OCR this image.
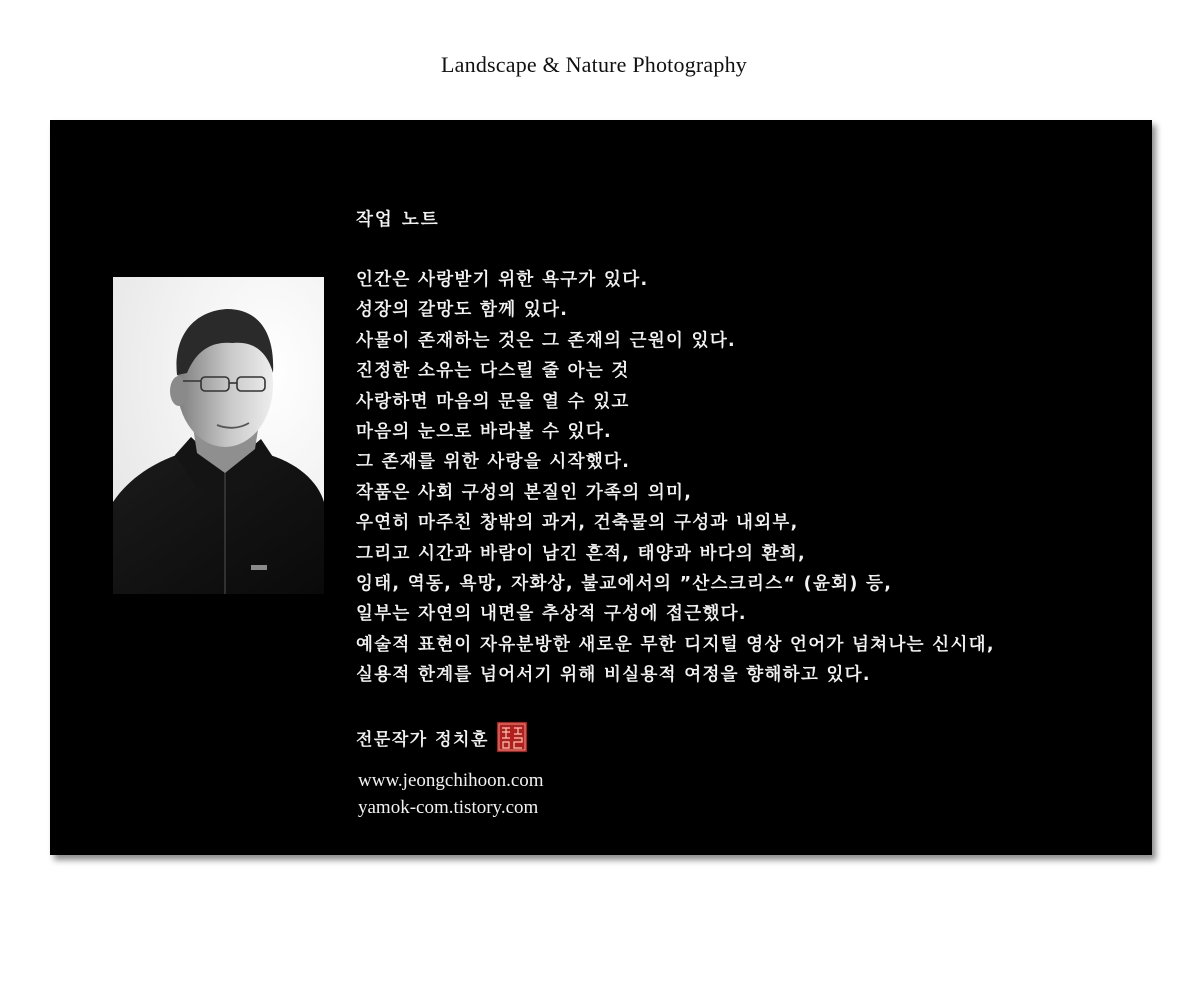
Landscape & Nature Photography
작업 노트
인간은 사랑받기 위한 욕구가 있다.
성장의 갈망도 함께 있다.
사물이 존재하는 것은 그 존재의 근원이 있다.
진정한 소유는 다스릴 줄 아는 것
사랑하면 마음의 문을 열 수 있고
마음의 눈으로 바라볼 수 있다.
그 존재를 위한 사랑을 시작했다.
작품은 사회 구성의 본질인 가족의 의미,
우연히 마주친 창밖의 과거, 건축물의 구성과 내외부,
그리고 시간과 바람이 남긴 흔적, 태양과 바다의 환희,
잉태, 역동, 욕망, 자화상, 불교에서의 ”산스크리스“ (윤회) 등,
일부는 자연의 내면을 추상적 구성에 접근했다.
예술적 표현이 자유분방한 새로운 무한 디지털 영상 언어가 넘쳐나는 신시대,
실용적 한계를 넘어서기 위해 비실용적 여정을 향해하고 있다.
전문작가 정치훈
www.jeongchihoon.com
yamok-com.tistory.com
